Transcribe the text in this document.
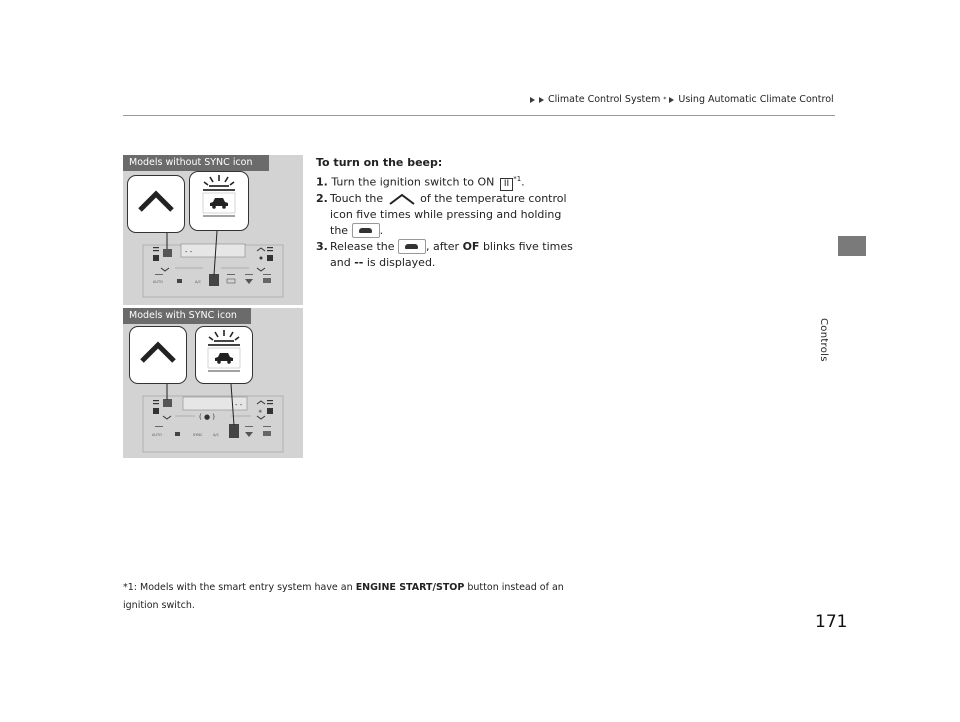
Climate Control System * Using Automatic Climate Control
Controls
Models without SYNC icon
- -
AUTO	A/C
Models with SYNC icon
- -
✳
( ● )
AUTO	SYNC	A/C
To turn on the beep:
1. Turn the ignition switch to ON II $^{*1}$.
2. Touch the	of the temperature control icon five times while pressing and holding the	.
3. Release the	, after OF blinks five times and -- is displayed.
*1: Models with the smart entry system have an ENGINE START/STOP button instead of an ignition switch.
171
